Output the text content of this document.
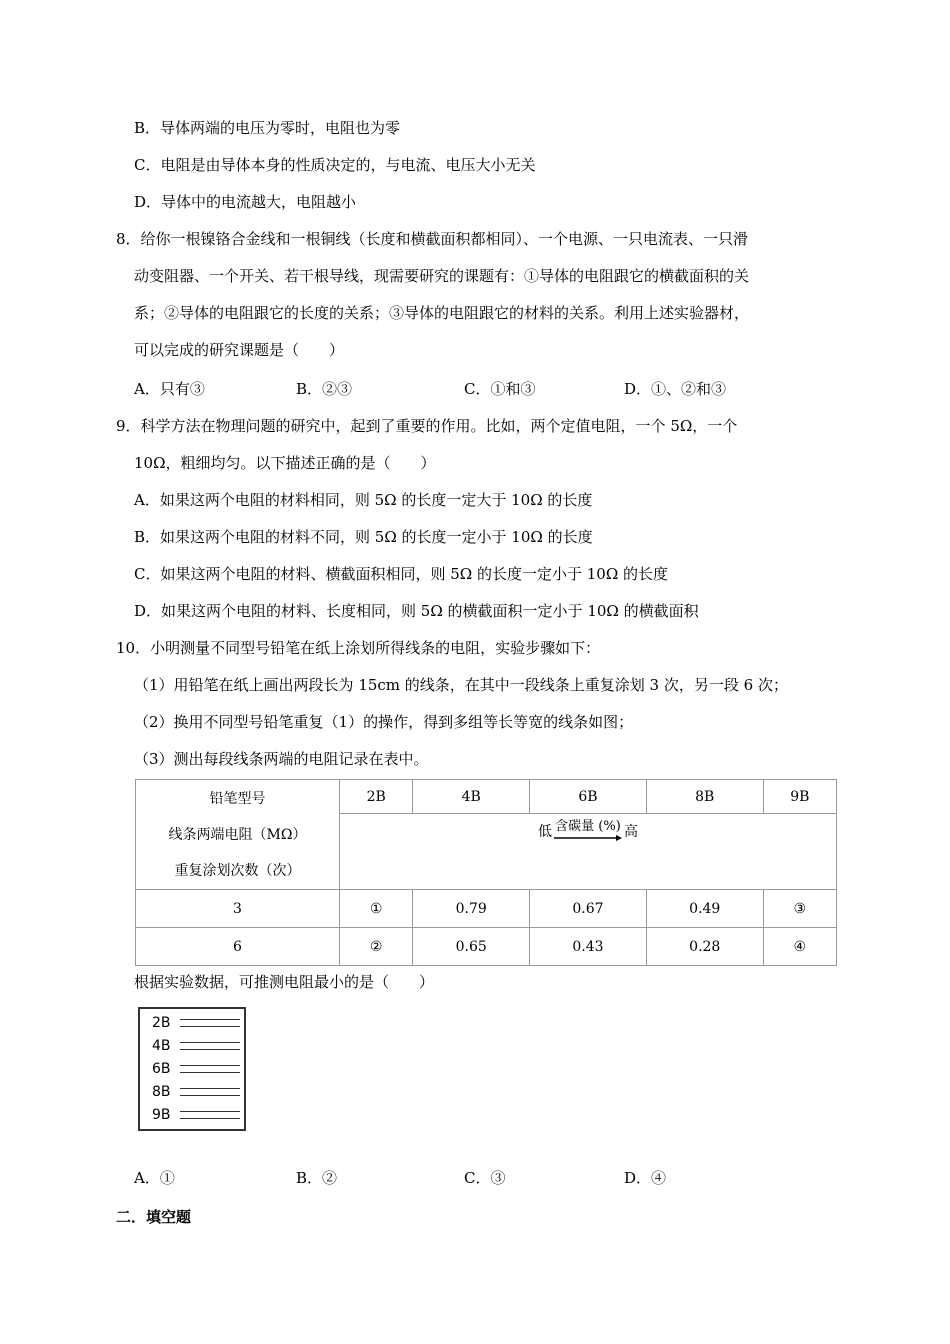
B．导体两端的电压为零时，电阻也为零
C．电阻是由导体本身的性质决定的，与电流、电压大小无关
D．导体中的电流越大，电阻越小
8．给你一根镍铬合金线和一根铜线（长度和横截面积都相同）、一个电源、一只电流表、一只滑
动变阻器、一个开关、若干根导线，现需要研究的课题有：①导体的电阻跟它的横截面积的关
系；②导体的电阻跟它的长度的关系；③导体的电阻跟它的材料的关系。利用上述实验器材，
可以完成的研究课题是（　　）
A．只有③	B．②③	C．①和③	D．①、②和③
9．科学方法在物理问题的研究中，起到了重要的作用。比如，两个定值电阻，一个 5Ω，一个
10Ω，粗细均匀。以下描述正确的是（　　）
A．如果这两个电阻的材料相同，则 5Ω 的长度一定大于 10Ω 的长度
B．如果这两个电阻的材料不同，则 5Ω 的长度一定小于 10Ω 的长度
C．如果这两个电阻的材料、横截面积相同，则 5Ω 的长度一定小于 10Ω 的长度
D．如果这两个电阻的材料、长度相同，则 5Ω 的横截面积一定小于 10Ω 的横截面积
10．小明测量不同型号铅笔在纸上涂划所得线条的电阻，实验步骤如下：
（1）用铅笔在纸上画出两段长为 15cm 的线条，在其中一段线条上重复涂划 3 次，另一段 6 次；
（2）换用不同型号铅笔重复（1）的操作，得到多组等长等宽的线条如图；
（3）测出每段线条两端的电阻记录在表中。
铅笔型号
线条两端电阻（MΩ）
重复涂划次数（次）	2B	4B	6B	8B	9B

	低 含碳量 (%) 高				

3	①	0.79	0.67	0.49	③
6	②	0.65	0.43	0.28	④
根据实验数据，可推测电阻最小的是（　　）
2B
4B
6B
8B
9B
A．①	B．②	C．③	D．④
二．填空题
